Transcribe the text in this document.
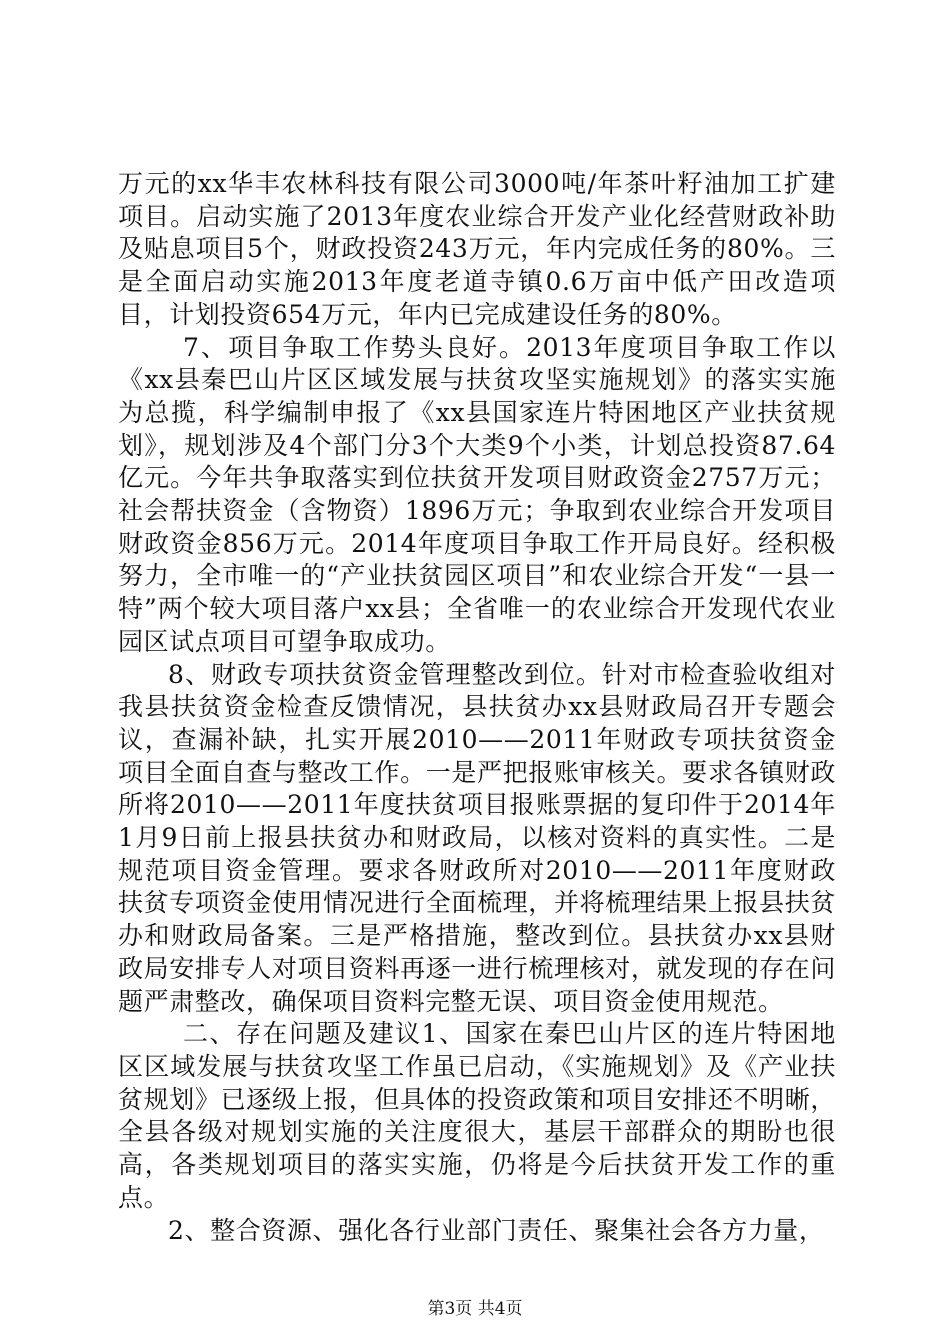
万元的xx华丰农林科技有限公司3000吨/年茶叶籽油加工扩建项目。启动实施了2013年度农业综合开发产业化经营财政补助及贴息项目5个，财政投资243万元，年内完成任务的80%。三是全面启动实施2013年度老道寺镇0.6万亩中低产田改造项目，计划投资654万元，年内已完成建设任务的80%。

7、项目争取工作势头良好。2013年度项目争取工作以《xx县秦巴山片区区域发展与扶贫攻坚实施规划》的落实实施为总揽，科学编制申报了《xx县国家连片特困地区产业扶贫规划》，规划涉及4个部门分3个大类9个小类，计划总投资87.64亿元。今年共争取落实到位扶贫开发项目财政资金2757万元；社会帮扶资金（含物资）1896万元；争取到农业综合开发项目财政资金856万元。2014年度项目争取工作开局良好。经积极努力，全市唯一的“产业扶贫园区项目”和农业综合开发“一县一特”两个较大项目落户xx县；全省唯一的农业综合开发现代农业园区试点项目可望争取成功。

8、财政专项扶贫资金管理整改到位。针对市检查验收组对我县扶贫资金检查反馈情况，县扶贫办xx县财政局召开专题会议，查漏补缺，扎实开展2010——2011年财政专项扶贫资金项目全面自查与整改工作。一是严把报账审核关。要求各镇财政所将2010——2011年度扶贫项目报账票据的复印件于2014年1月9日前上报县扶贫办和财政局，以核对资料的真实性。二是规范项目资金管理。要求各财政所对2010——2011年度财政扶贫专项资金使用情况进行全面梳理，并将梳理结果上报县扶贫办和财政局备案。三是严格措施，整改到位。县扶贫办xx县财政局安排专人对项目资料再逐一进行梳理核对，就发现的存在问题严肃整改，确保项目资料完整无误、项目资金使用规范。

二、存在问题及建议1、国家在秦巴山片区的连片特困地区区域发展与扶贫攻坚工作虽已启动，《实施规划》及《产业扶贫规划》已逐级上报，但具体的投资政策和项目安排还不明晰，全县各级对规划实施的关注度很大，基层干部群众的期盼也很高，各类规划项目的落实实施，仍将是今后扶贫开发工作的重点。

2、整合资源、强化各行业部门责任、聚集社会各方力量，

第3页 共4页
